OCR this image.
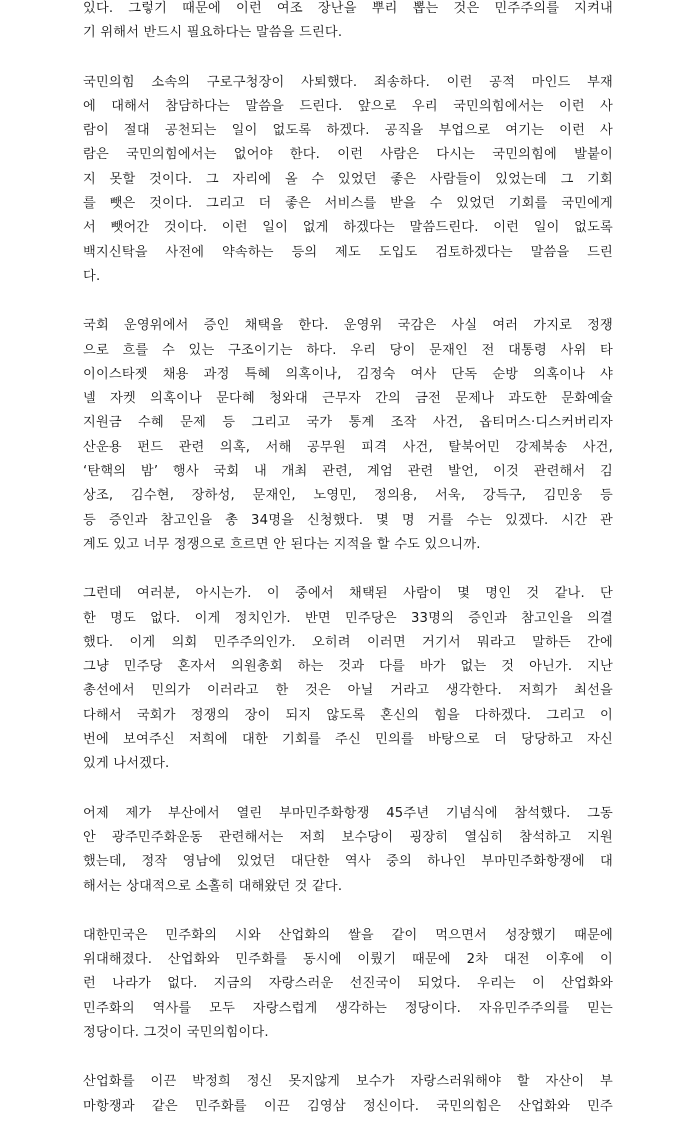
있다. 그렇기 때문에 이런 여조 장난을 뿌리 뽑는 것은 민주주의를 지켜내
기 위해서 반드시 필요하다는 말씀을 드린다.
국민의힘 소속의 구로구청장이 사퇴했다. 죄송하다. 이런 공적 마인드 부재
에 대해서 참담하다는 말씀을 드린다. 앞으로 우리 국민의힘에서는 이런 사
람이 절대 공천되는 일이 없도록 하겠다. 공직을 부업으로 여기는 이런 사
람은 국민의힘에서는 없어야 한다. 이런 사람은 다시는 국민의힘에 발붙이
지 못할 것이다. 그 자리에 올 수 있었던 좋은 사람들이 있었는데 그 기회
를 뺏은 것이다. 그리고 더 좋은 서비스를 받을 수 있었던 기회를 국민에게
서 뺏어간 것이다. 이런 일이 없게 하겠다는 말씀드린다. 이런 일이 없도록
백지신탁을 사전에 약속하는 등의 제도 도입도 검토하겠다는 말씀을 드린
다.
국회 운영위에서 증인 채택을 한다. 운영위 국감은 사실 여러 가지로 정쟁
으로 흐를 수 있는 구조이기는 하다. 우리 당이 문재인 전 대통령 사위 타
이이스타젯 채용 과정 특혜 의혹이나, 김정숙 여사 단독 순방 의혹이나 샤
넬 자켓 의혹이나 문다혜 청와대 근무자 간의 금전 문제나 과도한 문화예술
지원금 수혜 문제 등 그리고 국가 통계 조작 사건, 옵티머스·디스커버리자
산운용 펀드 관련 의혹, 서해 공무원 피격 사건, 탈북어민 강제북송 사건,
‘탄핵의 밤’ 행사 국회 내 개최 관련, 계엄 관련 발언, 이것 관련해서 김
상조, 김수현, 장하성, 문재인, 노영민, 정의용, 서욱, 강득구, 김민웅 등
등 증인과 참고인을 총 34명을 신청했다. 몇 명 거를 수는 있겠다. 시간 관
계도 있고 너무 정쟁으로 흐르면 안 된다는 지적을 할 수도 있으니까.
그런데 여러분, 아시는가. 이 중에서 채택된 사람이 몇 명인 것 같나. 단
한 명도 없다. 이게 정치인가. 반면 민주당은 33명의 증인과 참고인을 의결
했다. 이게 의회 민주주의인가. 오히려 이러면 거기서 뭐라고 말하든 간에
그냥 민주당 혼자서 의원총회 하는 것과 다를 바가 없는 것 아닌가. 지난
총선에서 민의가 이러라고 한 것은 아닐 거라고 생각한다. 저희가 최선을
다해서 국회가 정쟁의 장이 되지 않도록 혼신의 힘을 다하겠다. 그리고 이
번에 보여주신 저희에 대한 기회를 주신 민의를 바탕으로 더 당당하고 자신
있게 나서겠다.
어제 제가 부산에서 열린 부마민주화항쟁 45주년 기념식에 참석했다. 그동
안 광주민주화운동 관련해서는 저희 보수당이 굉장히 열심히 참석하고 지원
했는데, 정작 영남에 있었던 대단한 역사 중의 하나인 부마민주화항쟁에 대
해서는 상대적으로 소홀히 대해왔던 것 같다.
대한민국은 민주화의 시와 산업화의 쌀을 같이 먹으면서 성장했기 때문에
위대해졌다. 산업화와 민주화를 동시에 이뤘기 때문에 2차 대전 이후에 이
런 나라가 없다. 지금의 자랑스러운 선진국이 되었다. 우리는 이 산업화와
민주화의 역사를 모두 자랑스럽게 생각하는 정당이다. 자유민주주의를 믿는
정당이다. 그것이 국민의힘이다.
산업화를 이끈 박정희 정신 못지않게 보수가 자랑스러워해야 할 자산이 부
마항쟁과 같은 민주화를 이끈 김영삼 정신이다. 국민의힘은 산업화와 민주
